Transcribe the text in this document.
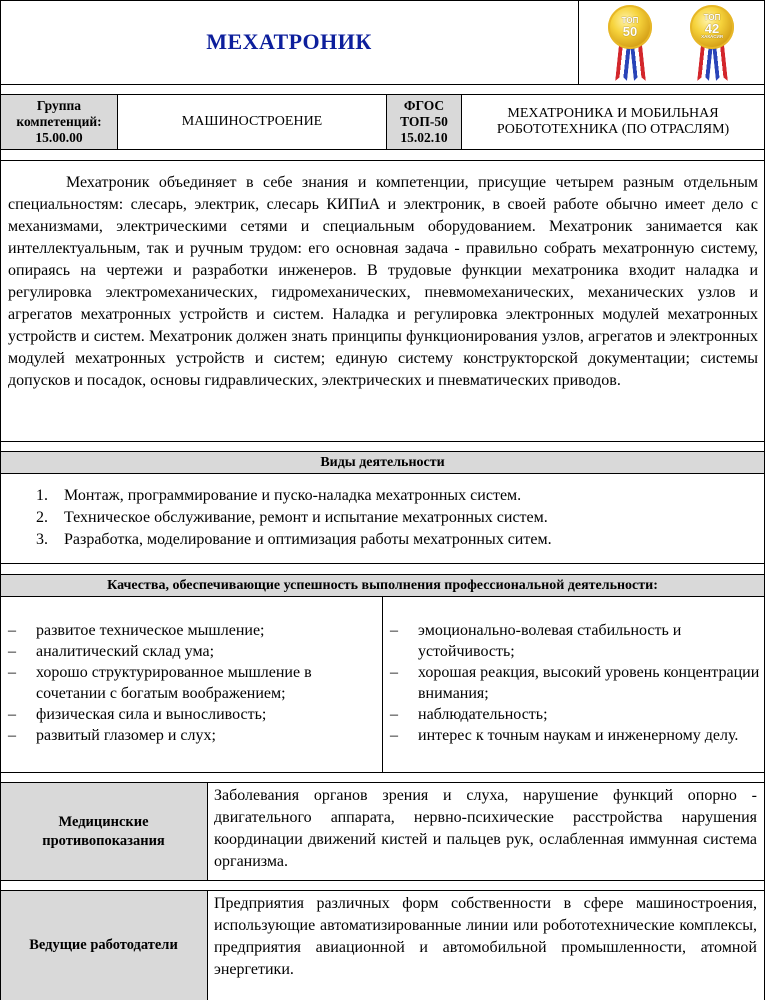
МЕХАТРОНИК
ТОП
50
ТОП
42
ХАКАСИЯ
Группа компетенций: 15.00.00
МАШИНОСТРОЕНИЕ
ФГОС ТОП-50 15.02.10
МЕХАТРОНИКА И МОБИЛЬНАЯ РОБОТОТЕХНИКА (ПО ОТРАСЛЯМ)
Мехатроник объединяет в себе знания и компетенции, присущие четырем разным отдельным специальностям: слесарь, электрик, слесарь КИПиА и электроник, в своей работе обычно имеет дело с механизмами, электрическими сетями и специальным оборудованием. Мехатроник занимается как интеллектуальным, так и ручным трудом: его основная задача - правильно собрать мехатронную систему, опираясь на чертежи и разработки инженеров. В трудовые функции мехатроника входит наладка и регулировка электромеханических, гидромеханических, пневмомеханических, механических узлов и агрегатов мехатронных устройств и систем. Наладка и регулировка электронных модулей мехатронных устройств и систем. Мехатроник должен знать принципы функционирования узлов, агрегатов и электронных модулей мехатронных устройств и систем; единую систему конструкторской документации; системы допусков и посадок, основы гидравлических, электрических и пневматических приводов.
Виды деятельности
1. Монтаж, программирование и пуско-наладка мехатронных систем.
2. Техническое обслуживание, ремонт и испытание мехатронных систем.
3. Разработка, моделирование и оптимизация работы мехатронных ситем.
Качества, обеспечивающие успешность выполнения профессиональной деятельности:
– развитое техническое мышление;
– аналитический склад ума;
– хорошо структурированное мышление в сочетании с богатым воображением;
– физическая сила и выносливость;
– развитый глазомер и слух;
– эмоционально-волевая стабильность и устойчивость;
– хорошая реакция, высокий уровень концентрации внимания;
– наблюдательность;
– интерес к точным наукам и инженерному делу.
Медицинские противопоказания
Заболевания органов зрения и слуха, нарушение функций опорно - двигательного аппарата, нервно-психические расстройства нарушения координации движений кистей и пальцев рук, ослабленная иммунная система организма.
Ведущие работодатели
Предприятия различных форм собственности в сфере машиностроения, использующие автоматизированные линии или робототехнические комплексы, предприятия авиационной и автомобильной промышленности, атомной энергетики.
